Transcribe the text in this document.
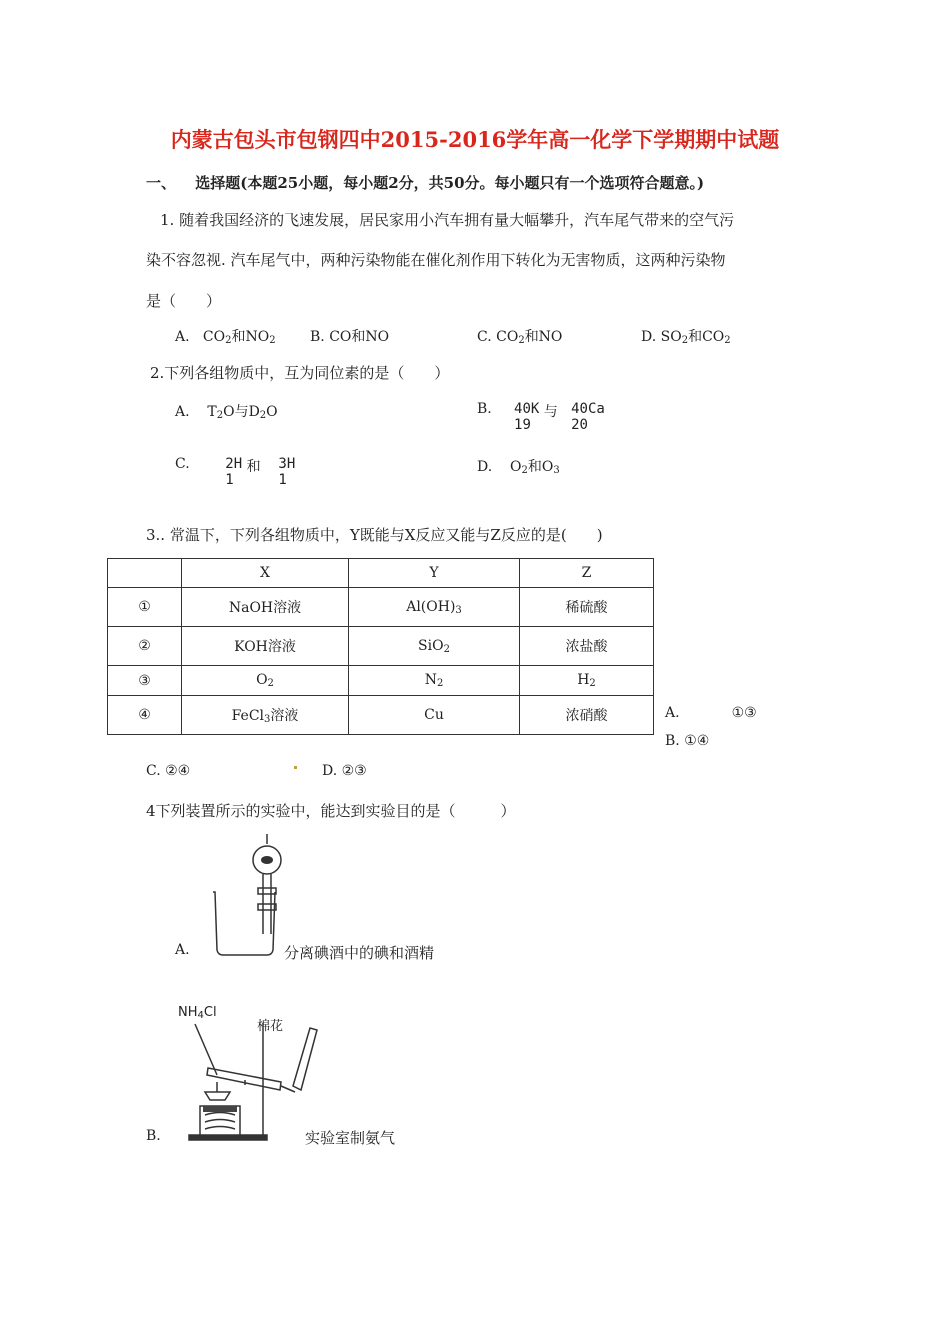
内蒙古包头市包钢四中2015-2016学年高一化学下学期期中试题
一、 选择题(本题25小题，每小题2分，共50分。每小题只有一个选项符合题意。)
1. 随着我国经济的飞速发展，居民家用小汽车拥有量大幅攀升，汽车尾气带来的空气污
染不容忽视. 汽车尾气中，两种污染物能在催化剂作用下转化为无害物质，这两种污染物
是（　　）
A. $CO_2$和$NO_2$ B. CO和NO	C. $CO_2$和NO	D. $SO_2$和$CO_2$
2.下列各组物质中，互为同位素的是（　　）
A. $T_2O$与$D_2O$	B. 40K
19
与 40Ca
20
C.	2H
1
和 3H
1
D. $O_2$和$O_3$
3.. 常温下，下列各组物质中，Y既能与X反应又能与Z反应的是(　　)
	X	Y	Z
①	NaOH溶液	$Al(OH)_3$	稀硫酸
②	KOH溶液	SiO$_2$	浓盐酸
③	$O_2$	$N_2$	$H_2$
④	FeCl$_3$溶液	Cu	浓硝酸	A.	①③
B. ①④
C. ②④	D. ②③
4下列装置所示的实验中，能达到实验目的是（　　　）
A.	分离碘酒中的碘和酒精
$NH_4Cl$
棉花
B.	实验室制氨气
